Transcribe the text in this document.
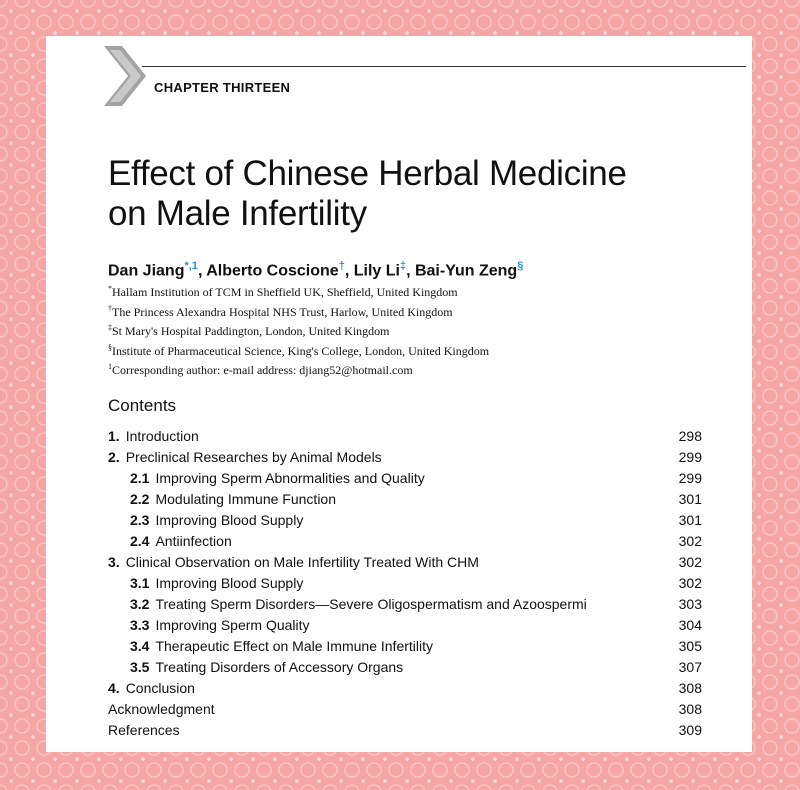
CHAPTER THIRTEEN
Effect of Chinese Herbal Medicine
on Male Infertility
Dan Jiang$^{*,1}$, Alberto Coscione†, Lily Li‡, Bai-Yun Zeng§
*Hallam Institution of TCM in Sheffield UK, Sheffield, United Kingdom
†The Princess Alexandra Hospital NHS Trust, Harlow, United Kingdom
‡St Mary's Hospital Paddington, London, United Kingdom
§Institute of Pharmaceutical Science, King's College, London, United Kingdom
$^1$Corresponding author: e-mail address: djiang52@hotmail.com
Contents
1. Introduction	298
2. Preclinical Researches by Animal Models	299
2.1 Improving Sperm Abnormalities and Quality	299
2.2 Modulating Immune Function	301
2.3 Improving Blood Supply	301
2.4 Antiinfection	302
3. Clinical Observation on Male Infertility Treated With CHM	302
3.1 Improving Blood Supply	302
3.2 Treating Sperm Disorders—Severe Oligospermatism and Azoospermi	303
3.3 Improving Sperm Quality	304
3.4 Therapeutic Effect on Male Immune Infertility	305
3.5 Treating Disorders of Accessory Organs	307
4. Conclusion	308
Acknowledgment	308
References	309
